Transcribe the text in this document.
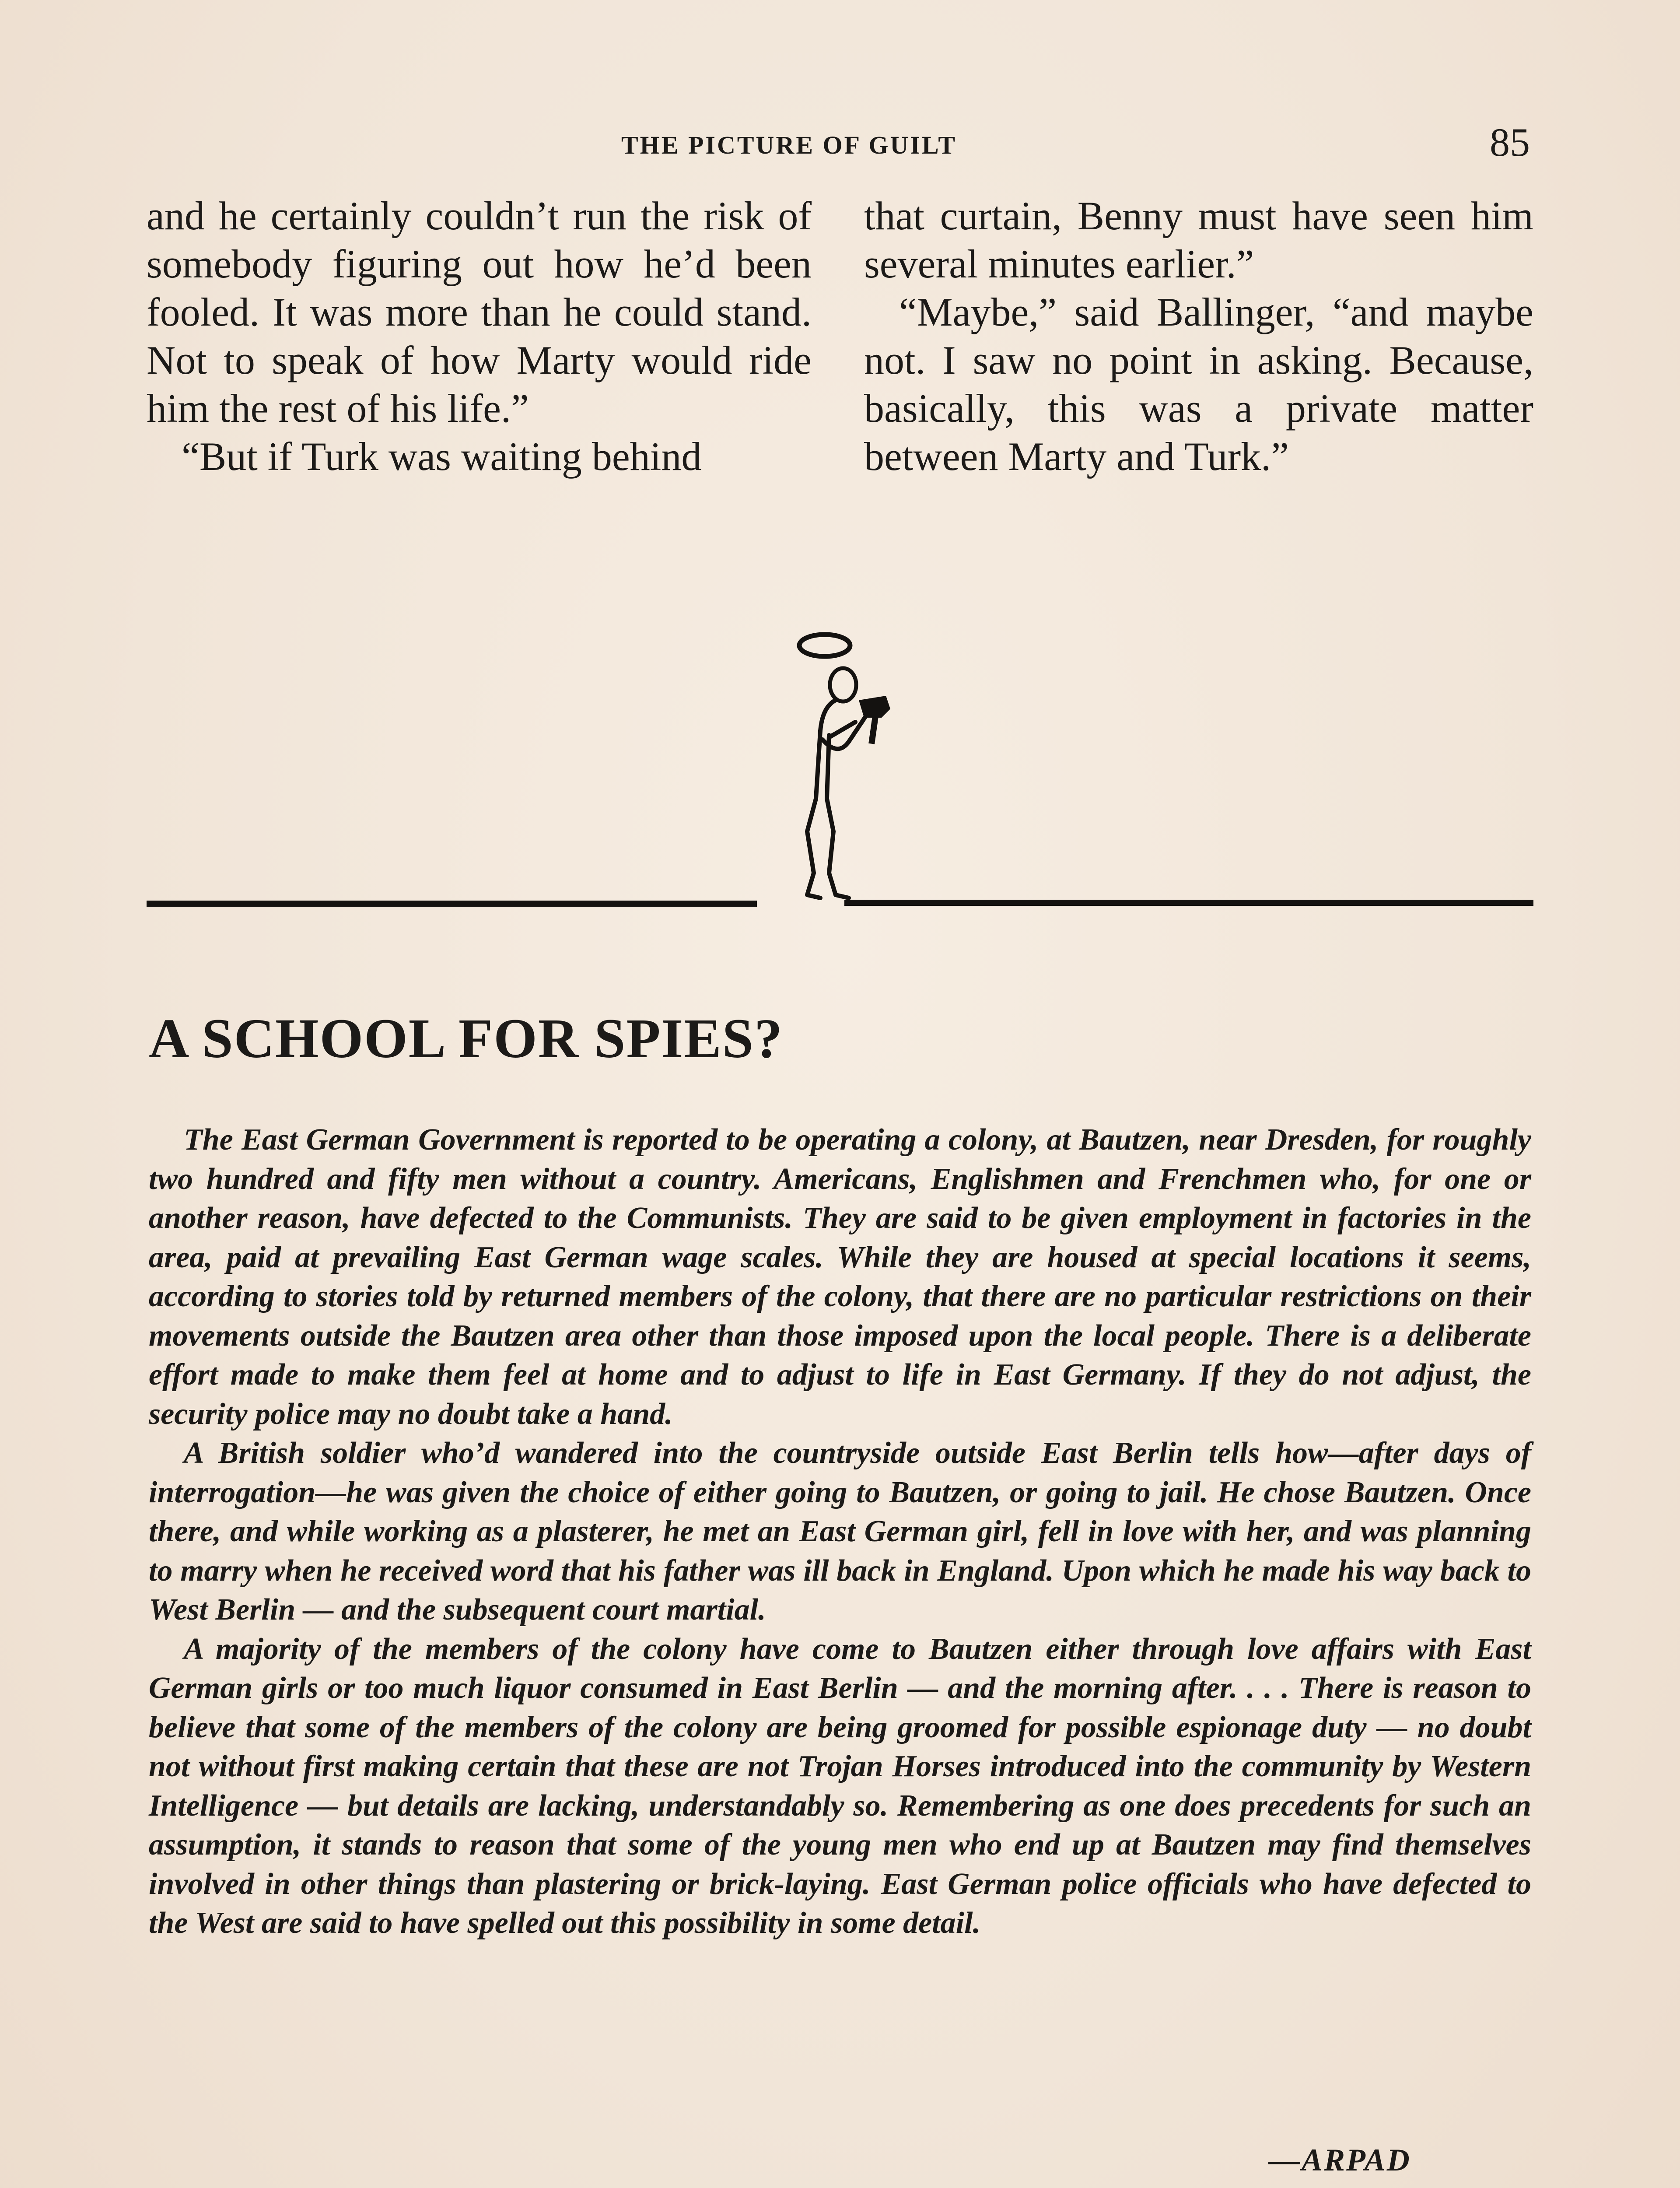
THE PICTURE OF GUILT	85

and he certainly couldn’t run the risk of somebody figuring out how he’d been fooled. It was more than he could stand. Not to speak of how Marty would ride him the rest of his life.”

“But if Turk was waiting behind

that curtain, Benny must have seen him several minutes earlier.”

“Maybe,” said Ballinger, “and maybe not. I saw no point in asking. Because, basically, this was a private matter between Marty and Turk.”

A SCHOOL FOR SPIES?

The East German Government is reported to be operating a colony, at Bautzen, near Dresden, for roughly two hundred and fifty men without a country. Americans, Englishmen and Frenchmen who, for one or another reason, have defected to the Communists. They are said to be given employment in factories in the area, paid at prevailing East German wage scales. While they are housed at special locations it seems, according to stories told by returned members of the colony, that there are no particular restrictions on their movements outside the Bautzen area other than those imposed upon the local people. There is a deliberate effort made to make them feel at home and to adjust to life in East Germany. If they do not adjust, the security police may no doubt take a hand.

A British soldier who’d wandered into the countryside outside East Berlin tells how—after days of interrogation—he was given the choice of either going to Bautzen, or going to jail. He chose Bautzen. Once there, and while working as a plasterer, he met an East German girl, fell in love with her, and was planning to marry when he received word that his father was ill back in England. Upon which he made his way back to West Berlin — and the subsequent court martial.

A majority of the members of the colony have come to Bautzen either through love affairs with East German girls or too much liquor consumed in East Berlin — and the morning after. . . . There is reason to believe that some of the members of the colony are being groomed for possible espionage duty — no doubt not without first making certain that these are not Trojan Horses introduced into the community by Western Intelligence — but details are lacking, understandably so. Remembering as one does precedents for such an assumption, it stands to reason that some of the young men who end up at Bautzen may find themselves involved in other things than plastering or brick-laying. East German police officials who have defected to the West are said to have spelled out this possibility in some detail.

—ARPAD
